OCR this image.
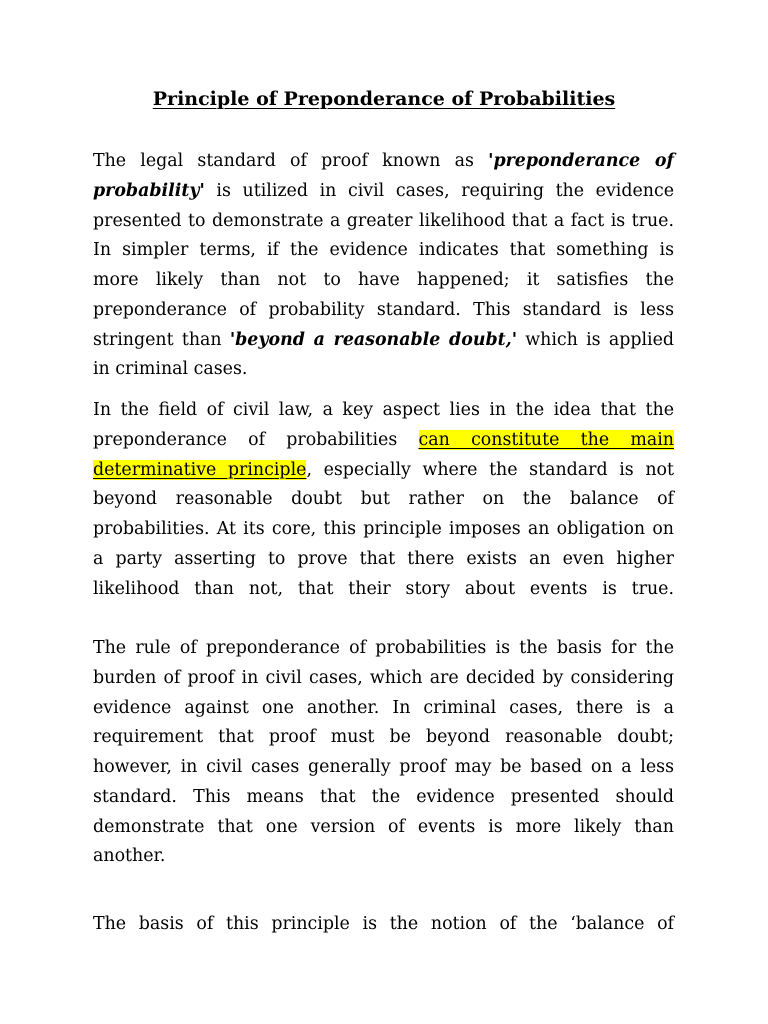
Principle of Preponderance of Probabilities

The legal standard of proof known as 'preponderance of probability' is utilized in civil cases, requiring the evidence presented to demonstrate a greater likelihood that a fact is true. In simpler terms, if the evidence indicates that something is more likely than not to have happened; it satisfies the preponderance of probability standard. This standard is less stringent than 'beyond a reasonable doubt,' which is applied in criminal cases.

In the field of civil law, a key aspect lies in the idea that the preponderance of probabilities can constitute the main determinative principle, especially where the standard is not beyond reasonable doubt but rather on the balance of probabilities. At its core, this principle imposes an obligation on a party asserting to prove that there exists an even higher likelihood than not, that their story about events is true.

The rule of preponderance of probabilities is the basis for the burden of proof in civil cases, which are decided by considering evidence against one another. In criminal cases, there is a requirement that proof must be beyond reasonable doubt; however, in civil cases generally proof may be based on a less standard. This means that the evidence presented should demonstrate that one version of events is more likely than another.

The basis of this principle is the notion of the ‘balance of
